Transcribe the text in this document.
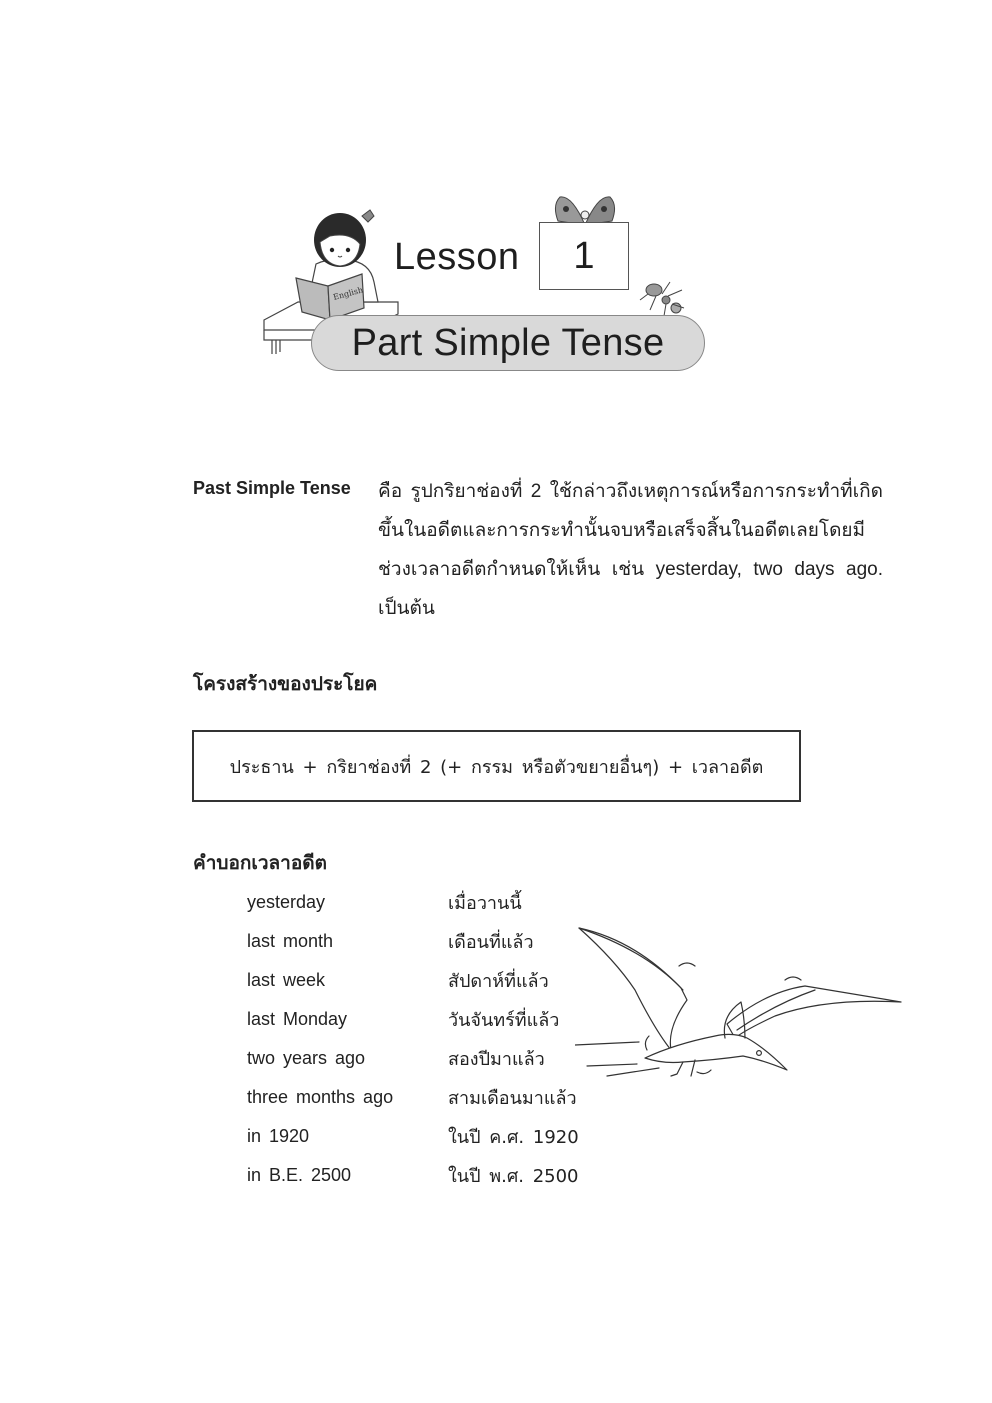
English
Lesson 1
Part Simple Tense
Past Simple Tense คือ รูปกริยาช่องที่ 2 ใช้กล่าวถึงเหตุการณ์หรือการกระทำที่เกิดขึ้นในอดีตและการกระทำนั้นจบหรือเสร็จสิ้นในอดีตเลยโดยมีช่วงเวลาอดีตกำหนดให้เห็น เช่น yesterday, two days ago. เป็นต้น
โครงสร้างของประโยค
ประธาน + กริยาช่องที่ 2 (+ กรรม หรือตัวขยายอื่นๆ) + เวลาอดีต
คำบอกเวลาอดีต
yesterday	เมื่อวานนี้
last month	เดือนที่แล้ว
last week	สัปดาห์ที่แล้ว
last Monday	วันจันทร์ที่แล้ว
two years ago	สองปีมาแล้ว
three months ago	สามเดือนมาแล้ว
in 1920	ในปี ค.ศ. 1920
in B.E. 2500	ในปี พ.ศ. 2500
